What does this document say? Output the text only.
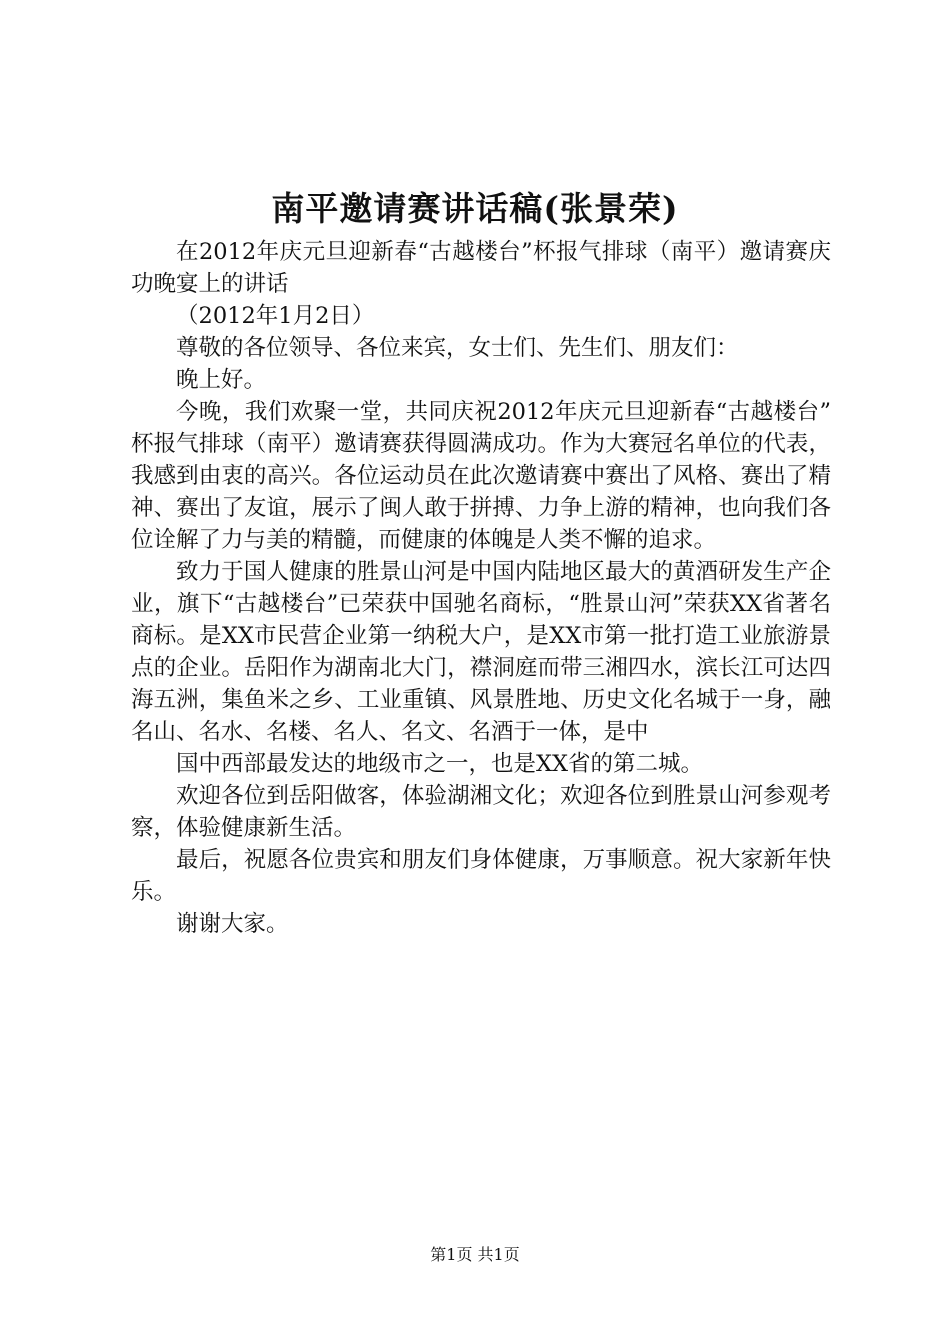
南平邀请赛讲话稿(张景荣)

在2012年庆元旦迎新春“古越楼台”杯报气排球（南平）邀请赛庆功晚宴上的讲话

（2012年1月2日）

尊敬的各位领导、各位来宾，女士们、先生们、朋友们：

晚上好。

今晚，我们欢聚一堂，共同庆祝2012年庆元旦迎新春“古越楼台”杯报气排球（南平）邀请赛获得圆满成功。作为大赛冠名单位的代表，我感到由衷的高兴。各位运动员在此次邀请赛中赛出了风格、赛出了精神、赛出了友谊，展示了闽人敢于拼搏、力争上游的精神，也向我们各位诠解了力与美的精髓，而健康的体魄是人类不懈的追求。

致力于国人健康的胜景山河是中国内陆地区最大的黄酒研发生产企业，旗下“古越楼台”已荣获中国驰名商标，“胜景山河”荣获XX省著名商标。是XX市民营企业第一纳税大户，是XX市第一批打造工业旅游景点的企业。岳阳作为湖南北大门，襟洞庭而带三湘四水，滨长江可达四海五洲，集鱼米之乡、工业重镇、风景胜地、历史文化名城于一身，融名山、名水、名楼、名人、名文、名酒于一体，是中

国中西部最发达的地级市之一，也是XX省的第二城。

欢迎各位到岳阳做客，体验湖湘文化；欢迎各位到胜景山河参观考察，体验健康新生活。

最后，祝愿各位贵宾和朋友们身体健康，万事顺意。祝大家新年快乐。

谢谢大家。

第1页 共1页
